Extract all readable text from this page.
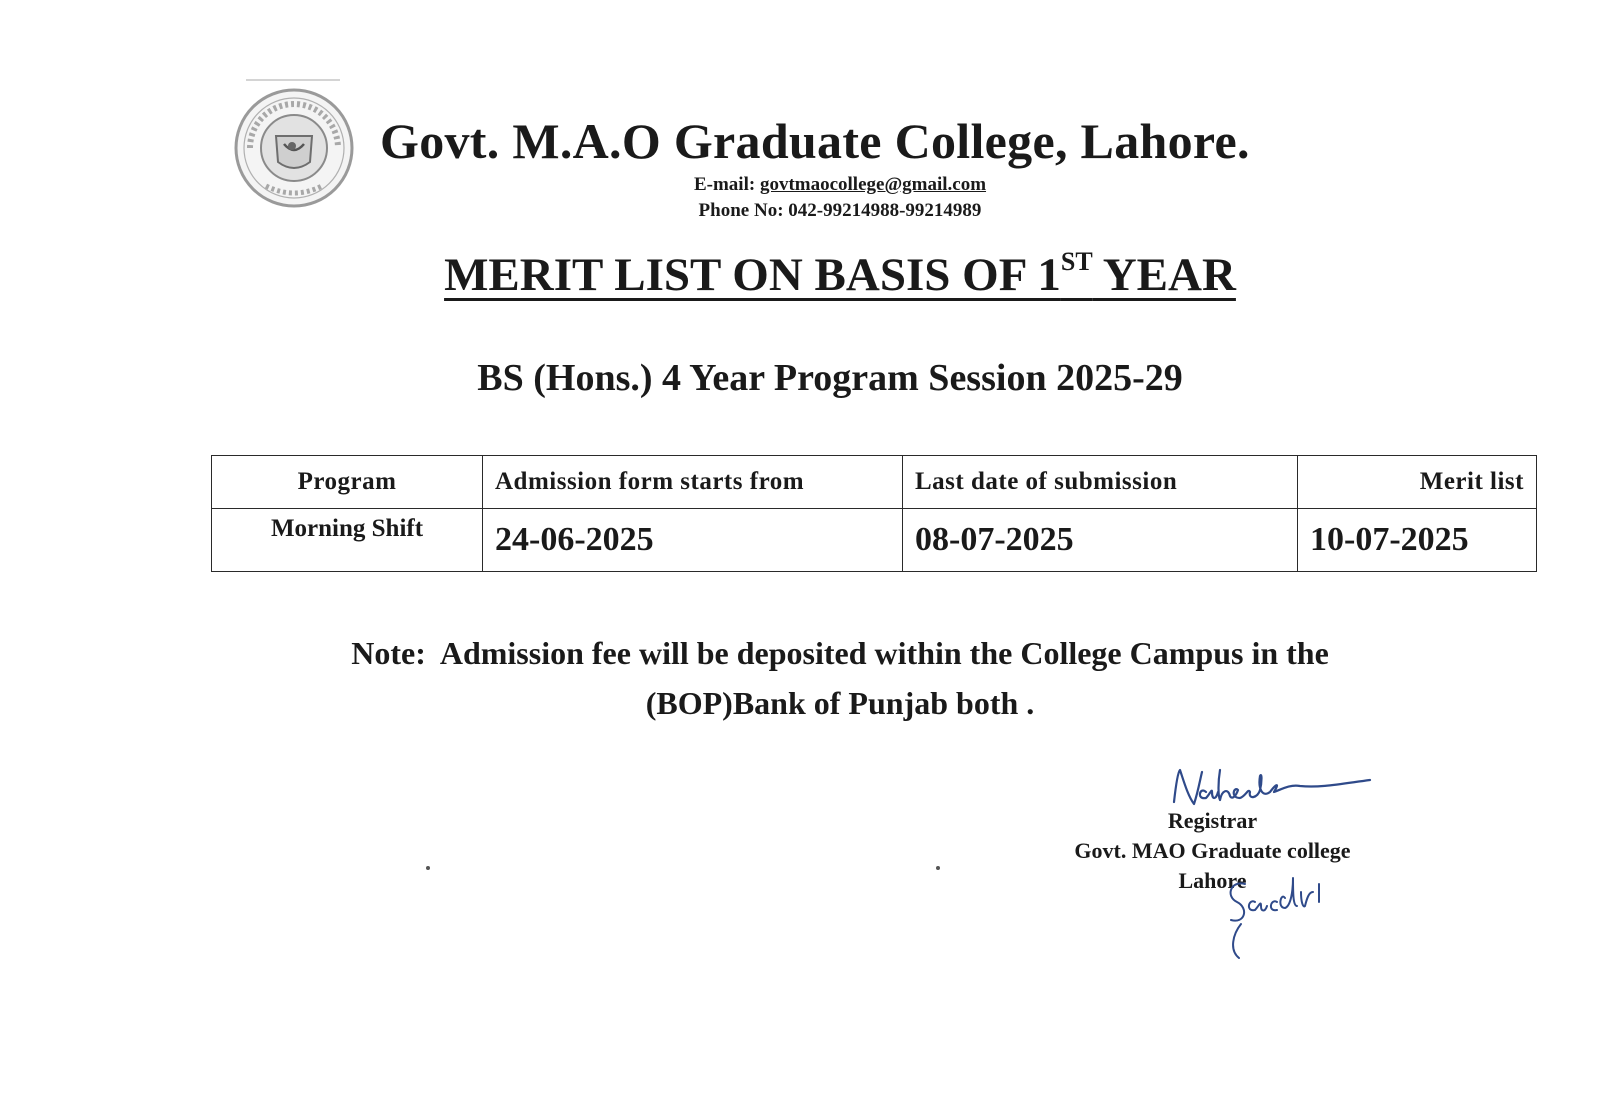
Govt. M.A.O Graduate College, Lahore.
E-mail: govtmaocollege@gmail.com
Phone No: 042-99214988-99214989
MERIT LIST ON BASIS OF 1ST YEAR
BS (Hons.) 4 Year Program Session 2025-29
Program	Admission form starts from	Last date of submission	Merit list
Morning Shift	24-06-2025	08-07-2025	10-07-2025
Note: Admission fee will be deposited within the College Campus in the
(BOP)Bank of Punjab both .
Registrar
Govt. MAO Graduate college
Lahore
